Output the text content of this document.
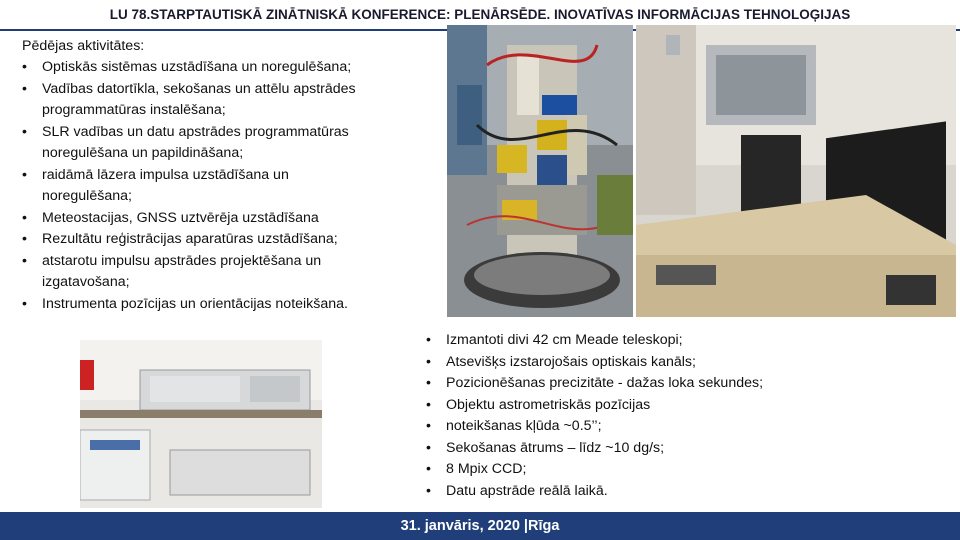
LU 78.STARPTAUTISKĀ ZINĀTNISKĀ KONFERENCE: PLENĀRSĒDE. INOVATĪVAS INFORMĀCIJAS TEHNOLOĢIJAS
Pēdējas aktivitātes:
• Optiskās sistēmas uzstādīšana un noregulēšana;
• Vadības datortīkla, sekošanas un attēlu apstrādes programmatūras instalēšana;
• SLR vadības un datu apstrādes programmatūras noregulēšana un papildināšana;
• raidāmā lāzera impulsa uzstādīšana un noregulēšana;
• Meteostacijas, GNSS uztvērēja uzstādīšana
• Rezultātu reģistrācijas aparatūras uzstādīšana;
• atstarotu impulsu apstrādes projektēšana un izgatavošana;
• Instrumenta pozīcijas un orientācijas noteikšana.
• Izmantoti divi 42 cm Meade teleskopi;
• Atsevišķs izstarojošais optiskais kanāls;
• Pozicionēšanas precizitāte - dažas loka sekundes;
• Objektu astrometriskās pozīcijas
• noteikšanas kļūda ~0.5’’;
• Sekošanas ātrums – līdz ~10 dg/s;
• 8 Mpix CCD;
• Datu apstrāde reālā laikā.
31. janvāris, 2020 |Rīga
